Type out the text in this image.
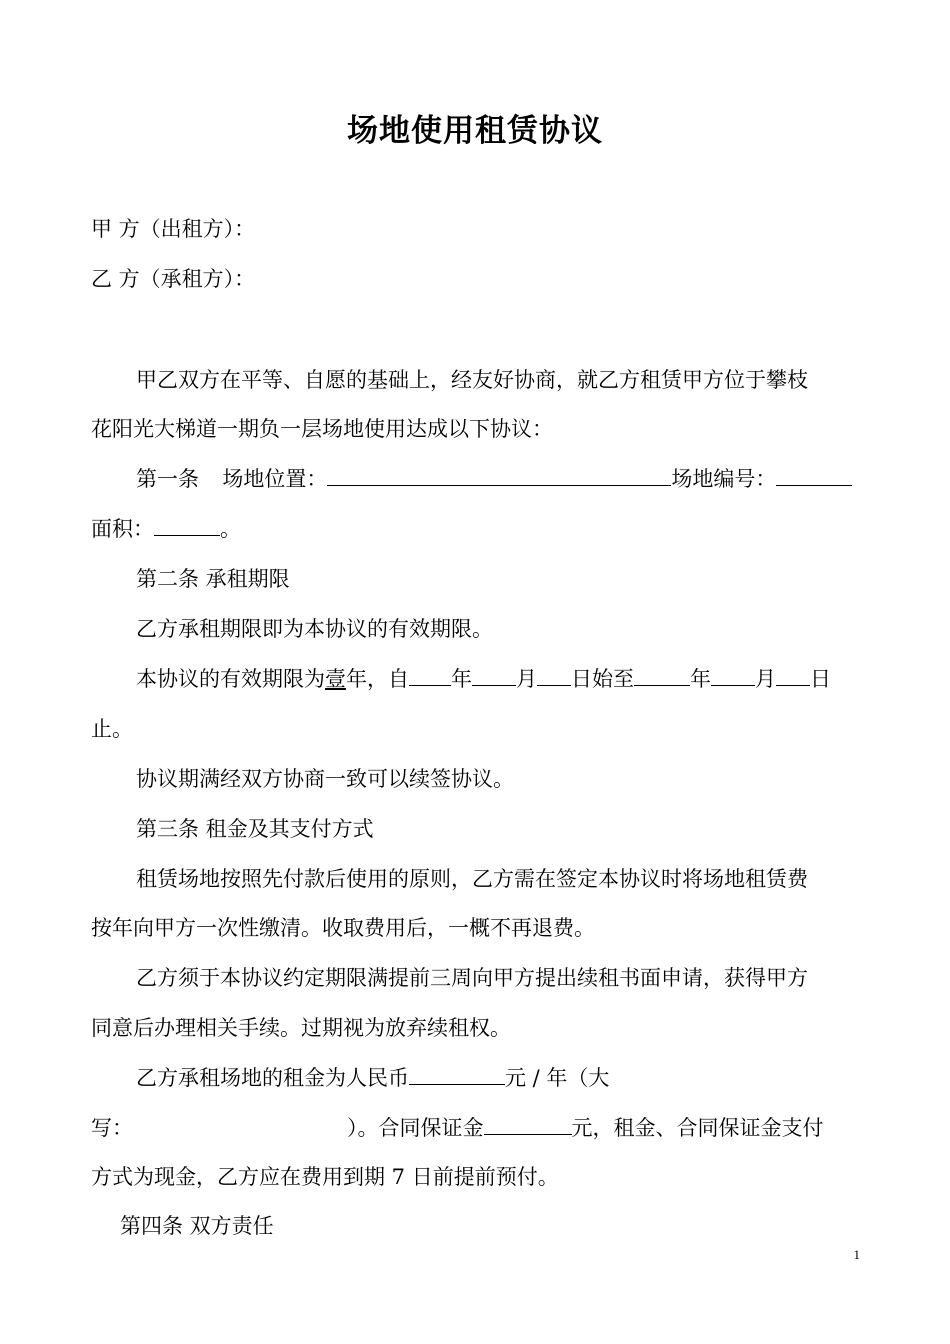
场地使用租赁协议
甲 方（出租方）：
乙 方（承租方）：
甲乙双方在平等、自愿的基础上，经友好协商，就乙方租赁甲方位于攀枝
花阳光大梯道一期负一层场地使用达成以下协议：
第一条 场地位置：	场地编号：
面积：	。
第二条 承租期限
乙方承租期限即为本协议的有效期限。
本协议的有效期限为壹年，自 年 月 日始至	年 月 日
止。
协议期满经双方协商一致可以续签协议。
第三条 租金及其支付方式
租赁场地按照先付款后使用的原则，乙方需在签定本协议时将场地租赁费
按年向甲方一次性缴清。收取费用后，一概不再退费。
乙方须于本协议约定期限满提前三周向甲方提出续租书面申请，获得甲方
同意后办理相关手续。过期视为放弃续租权。
乙方承租场地的租金为人民币	元 / 年（大
写：	）。合同保证金	元，租金、合同保证金支付
方式为现金，乙方应在费用到期 7 日前提前预付。
第四条 双方责任
1
